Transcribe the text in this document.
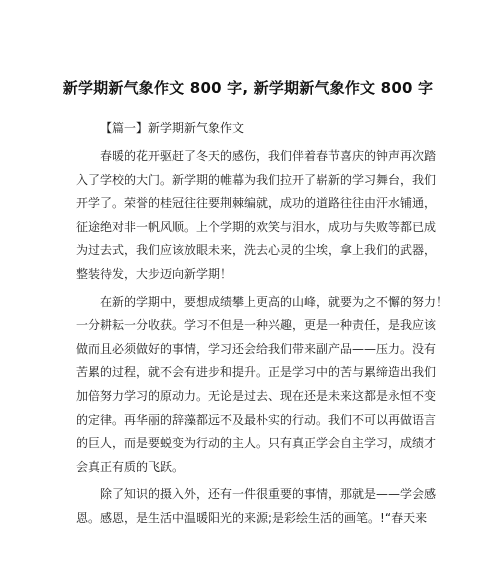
新学期新气象作文 800 字, 新学期新气象作文 800 字
【篇一】新学期新气象作文
春暖的花开驱赶了冬天的感伤，我们伴着春节喜庆的钟声再次踏
入了学校的大门。新学期的帷幕为我们拉开了崭新的学习舞台，我们
开学了。荣誉的桂冠往往要荆棘编就，成功的道路往往由汗水铺通，
征途绝对非一帆风顺。上个学期的欢笑与泪水，成功与失败等都已成
为过去式，我们应该放眼未来，洗去心灵的尘埃，拿上我们的武器，
整装待发，大步迈向新学期！
在新的学期中，要想成绩攀上更高的山峰，就要为之不懈的努力！
一分耕耘一分收获。学习不但是一种兴趣，更是一种责任，是我应该
做而且必须做好的事情，学习还会给我们带来副产品——压力。没有
苦累的过程，就不会有进步和提升。正是学习中的苦与累缔造出我们
加倍努力学习的原动力。无论是过去、现在还是未来这都是永恒不变
的定律。再华丽的辞藻都远不及最朴实的行动。我们不可以再做语言
的巨人，而是要蜕变为行动的主人。只有真正学会自主学习，成绩才
会真正有质的飞跃。
除了知识的摄入外，还有一件很重要的事情，那就是——学会感
恩。感恩，是生活中温暖阳光的来源;是彩绘生活的画笔。!“春天来
